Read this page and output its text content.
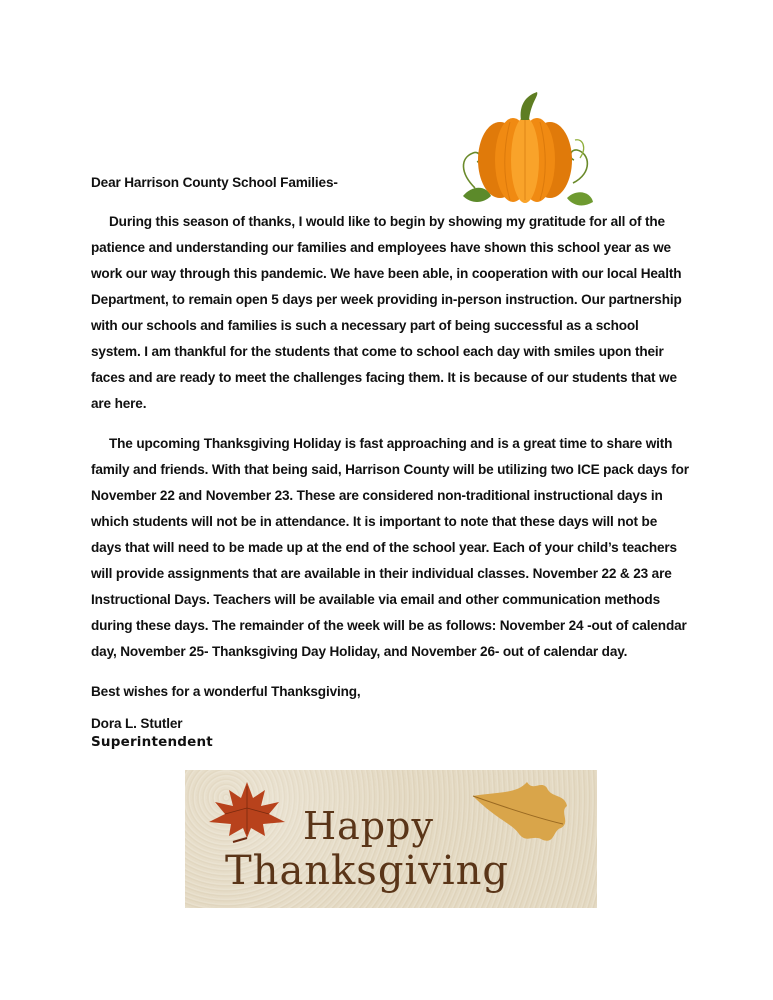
Dear Harrison County School Families-

During this season of thanks, I would like to begin by showing my gratitude for all of the patience and understanding our families and employees have shown this school year as we work our way through this pandemic. We have been able, in cooperation with our local Health Department, to remain open 5 days per week providing in-person instruction. Our partnership with our schools and families is such a necessary part of being successful as a school system. I am thankful for the students that come to school each day with smiles upon their faces and are ready to meet the challenges facing them. It is because of our students that we are here.

The upcoming Thanksgiving Holiday is fast approaching and is a great time to share with family and friends. With that being said, Harrison County will be utilizing two ICE pack days for November 22 and November 23. These are considered non-traditional instructional days in which students will not be in attendance. It is important to note that these days will not be days that will need to be made up at the end of the school year. Each of your child’s teachers will provide assignments that are available in their individual classes. November 22 & 23 are Instructional Days. Teachers will be available via email and other communication methods during these days. The remainder of the week will be as follows: November 24 -out of calendar day, November 25- Thanksgiving Day Holiday, and November 26- out of calendar day.

Best wishes for a wonderful Thanksgiving,

Dora L. Stutler

Superintendent

Happy
Thanksgiving
